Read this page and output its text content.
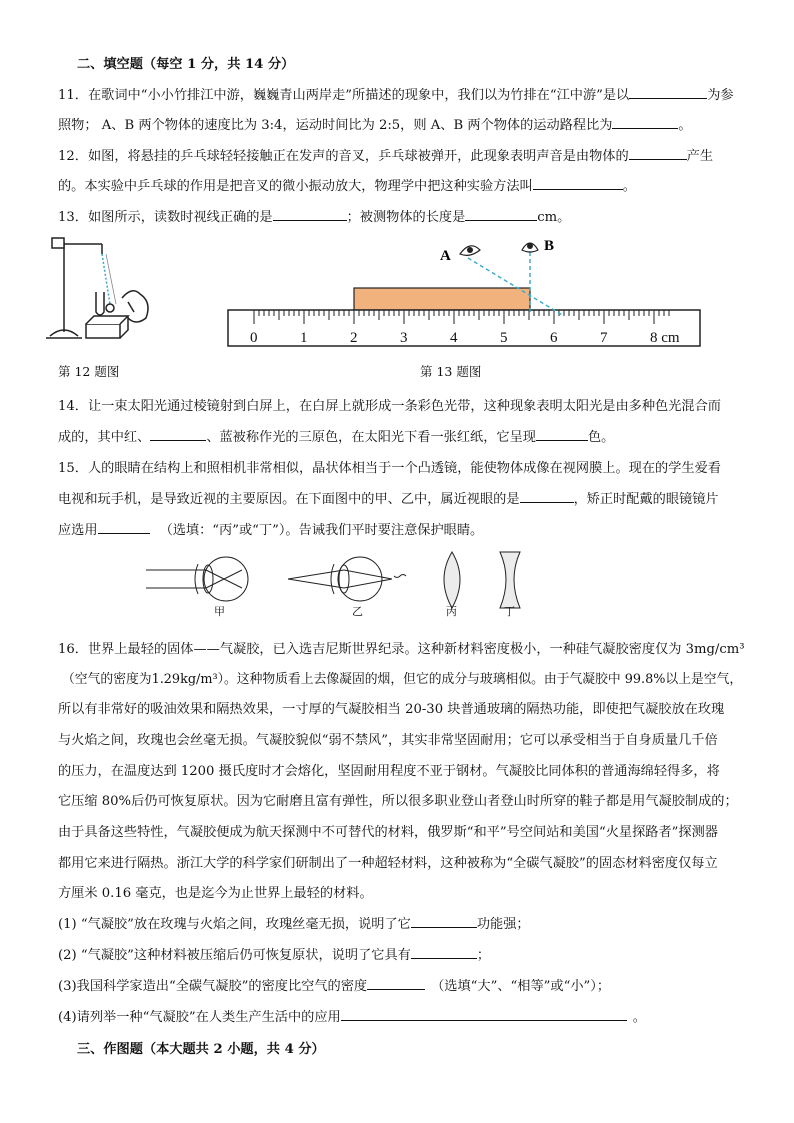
二、填空题（每空 1 分，共 14 分）
11．在歌词中“小小竹排江中游，巍巍青山两岸走”所描述的现象中，我们以为竹排在“江中游”是以	为参
照物； A、B 两个物体的速度比为 3:4，运动时间比为 2:5，则 A、B 两个物体的运动路程比为	。
12．如图，将悬挂的乒乓球轻轻接触正在发声的音叉，乒乓球被弹开，此现象表明声音是由物体的	产生
的。本实验中乒乓球的作用是把音叉的微小振动放大，物理学中把这种实验方法叫	。
13．如图所示，读数时视线正确的是	；被测物体的长度是	cm。
第 12 题图
0	1	2	3	4	5	6	7	8 cm
A
B
第 13 题图
14．让一束太阳光通过棱镜射到白屏上，在白屏上就形成一条彩色光带，这种现象表明太阳光是由多种色光混合而
成的，其中红、	、蓝被称作光的三原色，在太阳光下看一张红纸，它呈现	色。
15．人的眼睛在结构上和照相机非常相似，晶状体相当于一个凸透镜，能使物体成像在视网膜上。现在的学生爱看
电视和玩手机，是导致近视的主要原因。在下面图中的甲、乙中，属近视眼的是	，矫正时配戴的眼镜镜片
应选用	（选填：“丙”或“丁”）。告诫我们平时要注意保护眼睛。
甲	乙	丙	丁
16．世界上最轻的固体——气凝胶，已入选吉尼斯世界纪录。这种新材料密度极小，一种硅气凝胶密度仅为 3mg/cm³
（空气的密度为1.29kg/m³）。这种物质看上去像凝固的烟，但它的成分与玻璃相似。由于气凝胶中 99.8%以上是空气，
所以有非常好的吸油效果和隔热效果，一寸厚的气凝胶相当 20-30 块普通玻璃的隔热功能，即使把气凝胶放在玫瑰
与火焰之间，玫瑰也会丝毫无损。气凝胶貌似“弱不禁风”，其实非常坚固耐用；它可以承受相当于自身质量几千倍
的压力，在温度达到 1200 摄氏度时才会熔化，坚固耐用程度不亚于钢材。气凝胶比同体积的普通海绵轻得多，将
它压缩 80%后仍可恢复原状。因为它耐磨且富有弹性，所以很多职业登山者登山时所穿的鞋子都是用气凝胶制成的；
由于具备这些特性，气凝胶便成为航天探测中不可替代的材料，俄罗斯“和平”号空间站和美国“火星探路者”探测器
都用它来进行隔热。浙江大学的科学家们研制出了一种超轻材料，这种被称为“全碳气凝胶”的固态材料密度仅每立
方厘米 0.16 毫克，也是迄今为止世界上最轻的材料。
(1) “气凝胶”放在玫瑰与火焰之间，玫瑰丝毫无损，说明了它	功能强；
(2) “气凝胶”这种材料被压缩后仍可恢复原状，说明了它具有	；
(3)我国科学家造出“全碳气凝胶”的密度比空气的密度	（选填“大”、“相等”或“小”）；
(4)请列举一种“气凝胶”在人类生产生活中的应用	。
三、作图题（本大题共 2 小题，共 4 分）
